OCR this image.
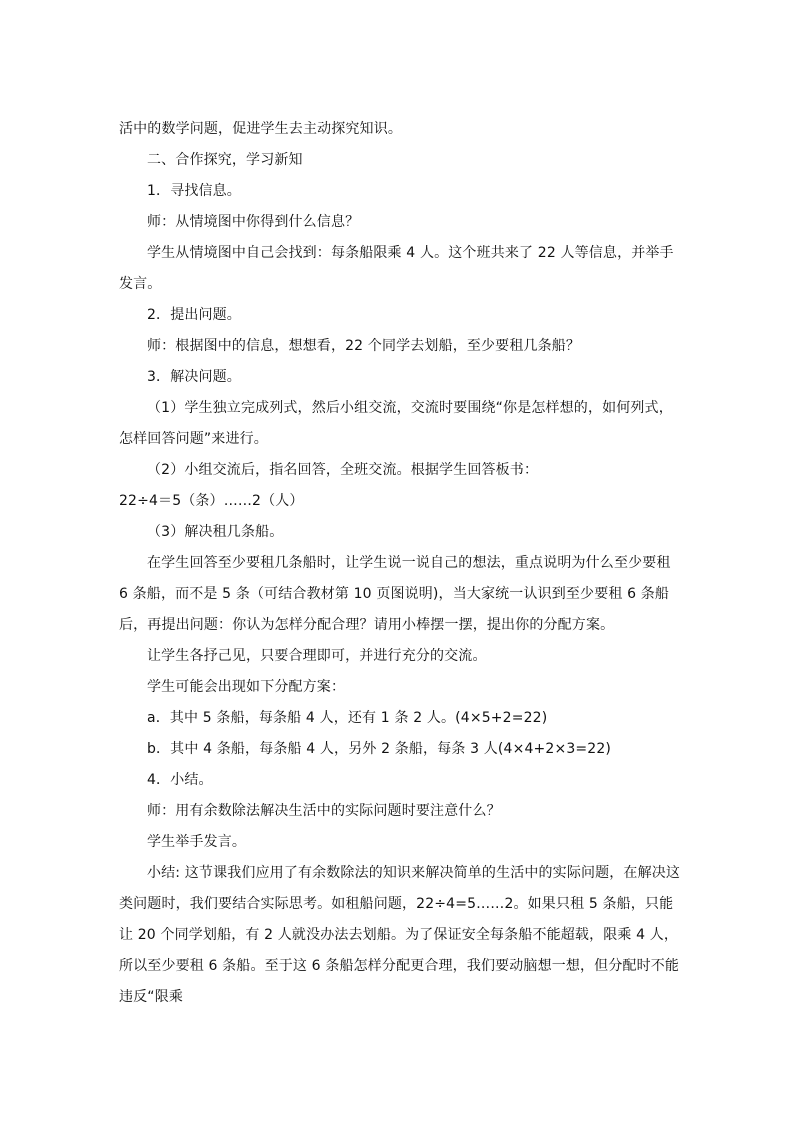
活中的数学问题，促进学生去主动探究知识。

二、合作探究，学习新知

1．寻找信息。

师：从情境图中你得到什么信息？

学生从情境图中自己会找到：每条船限乘 4 人。这个班共来了 22 人等信息，并举手发言。

2．提出问题。

师：根据图中的信息，想想看，22 个同学去划船，至少要租几条船？

3．解决问题。

（1）学生独立完成列式，然后小组交流，交流时要围绕“你是怎样想的，如何列式，怎样回答问题”来进行。

（2）小组交流后，指名回答，全班交流。根据学生回答板书：

22÷4＝5（条）……2（人）

（3）解决租几条船。

在学生回答至少要租几条船时，让学生说一说自己的想法，重点说明为什么至少要租 6 条船，而不是 5 条（可结合教材第 10 页图说明)，当大家统一认识到至少要租 6 条船后，再提出问题：你认为怎样分配合理？请用小棒摆一摆，提出你的分配方案。

让学生各抒己见，只要合理即可，并进行充分的交流。

学生可能会出现如下分配方案：

a．其中 5 条船，每条船 4 人，还有 1 条 2 人。(4×5+2=22)

b．其中 4 条船，每条船 4 人，另外 2 条船，每条 3 人(4×4+2×3=22)

4．小结。

师：用有余数除法解决生活中的实际问题时要注意什么？

学生举手发言。

小结: 这节课我们应用了有余数除法的知识来解决简单的生活中的实际问题，在解决这类问题时，我们要结合实际思考。如租船问题，22÷4=5……2。如果只租 5 条船，只能让 20 个同学划船，有 2 人就没办法去划船。为了保证安全每条船不能超载，限乘 4 人，所以至少要租 6 条船。至于这 6 条船怎样分配更合理，我们要动脑想一想，但分配时不能违反“限乘
